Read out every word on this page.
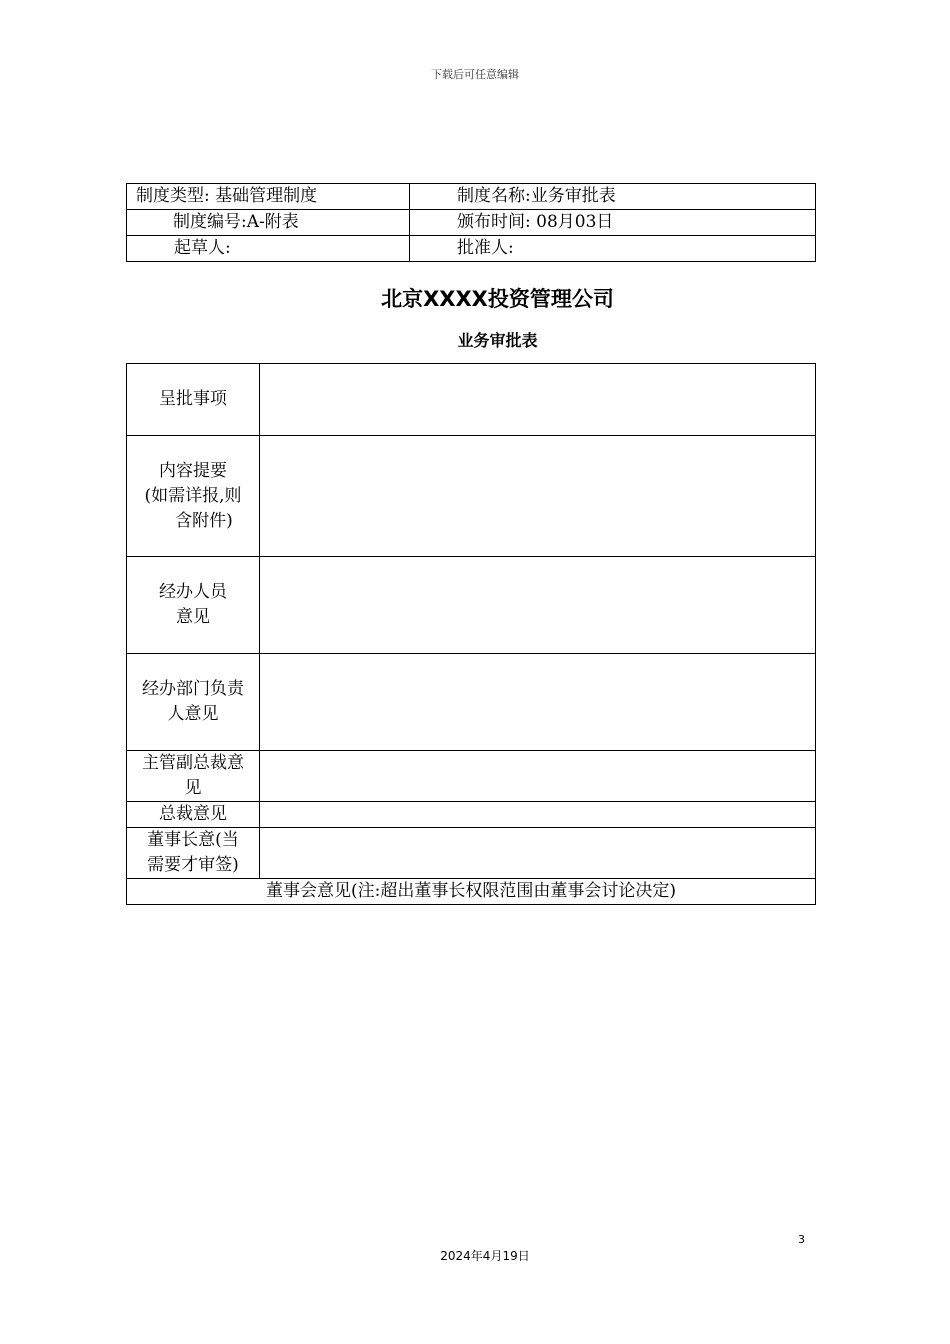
下载后可任意编辑
制度类型: 基础管理制度	制度名称:业务审批表
制度编号:A-附表	颁布时间: 08月03日
起草人:	批准人:
北京XXXX投资管理公司
业务审批表
呈批事项	

内容提要
(如需详报,则
含附件)	

经办人员
意见	

经办部门负责
人意见	

主管副总裁意
见	

总裁意见	

董事长意(当
需要才审签)	

董事会意见(注:超出董事长权限范围由董事会讨论决定)	
3
2024年4月19日
